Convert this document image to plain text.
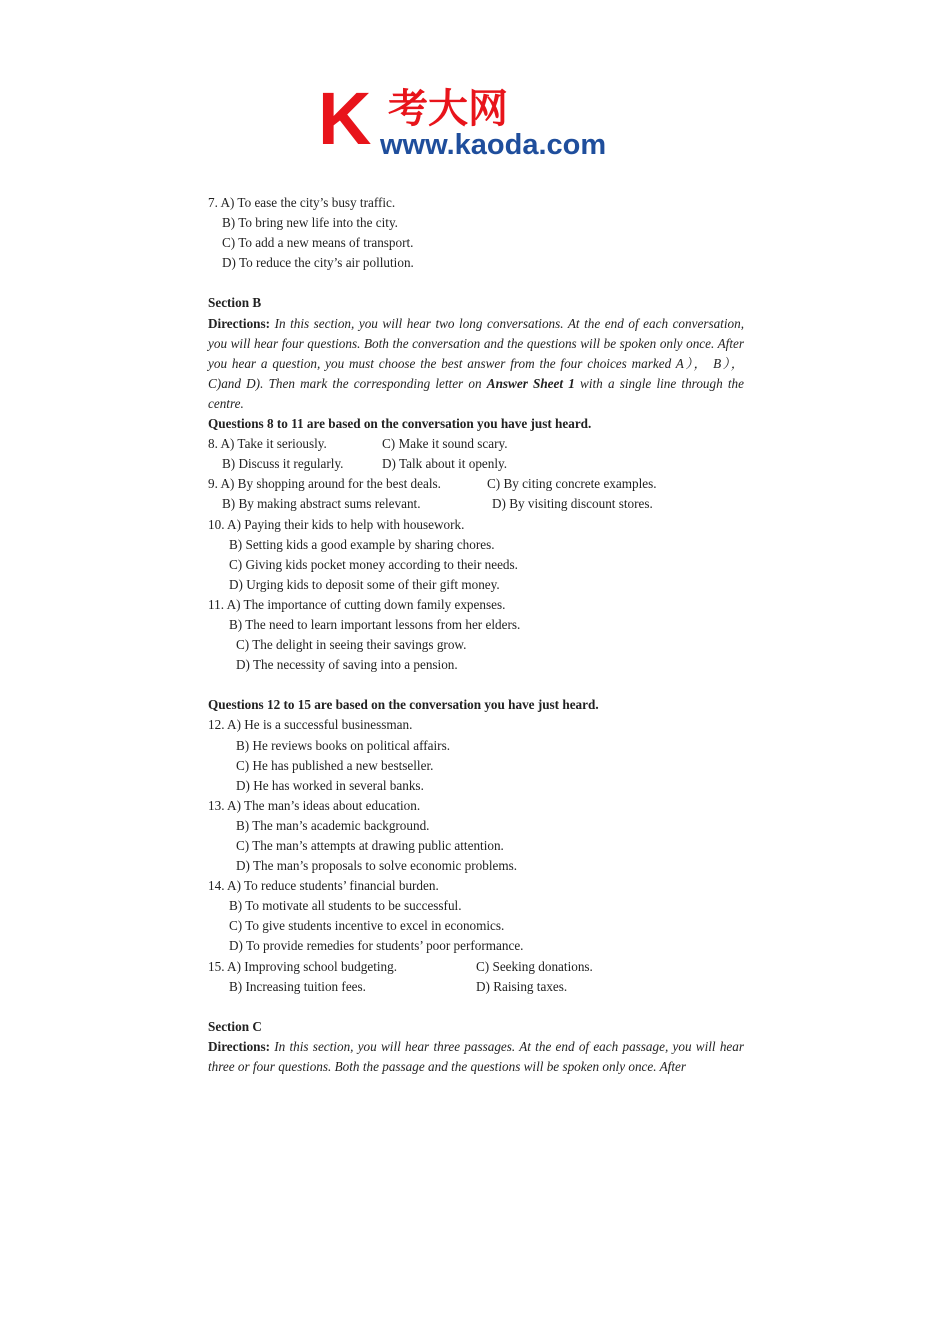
K 考大网
www.kaoda.com
7. A) To ease the city’s busy traffic.
B) To bring new life into the city.
C) To add a new means of transport.
D) To reduce the city’s air pollution.
Section B
Directions: In this section, you will hear two long conversations. At the end of each conversation, you will hear four questions. Both the conversation and the questions will be spoken only once. After you hear a question, you must choose the best answer from the four choices marked A）， B），C)and D). Then mark the corresponding letter on Answer Sheet 1 with a single line through the centre.
Questions 8 to 11 are based on the conversation you have just heard.
8. A) Take it seriously.	C) Make it sound scary.
B) Discuss it regularly.	D) Talk about it openly.
9. A) By shopping around for the best deals.	C) By citing concrete examples.
B) By making abstract sums relevant.	D) By visiting discount stores.
10. A) Paying their kids to help with housework.
B) Setting kids a good example by sharing chores.
C) Giving kids pocket money according to their needs.
D) Urging kids to deposit some of their gift money.
11. A) The importance of cutting down family expenses.
B) The need to learn important lessons from her elders.
C) The delight in seeing their savings grow.
D) The necessity of saving into a pension.
Questions 12 to 15 are based on the conversation you have just heard.
12. A) He is a successful businessman.
B) He reviews books on political affairs.
C) He has published a new bestseller.
D) He has worked in several banks.
13. A) The man’s ideas about education.
B) The man’s academic background.
C) The man’s attempts at drawing public attention.
D) The man’s proposals to solve economic problems.
14. A) To reduce students’ financial burden.
B) To motivate all students to be successful.
C) To give students incentive to excel in economics.
D) To provide remedies for students’ poor performance.
15. A) Improving school budgeting.	C) Seeking donations.
B) Increasing tuition fees.	D) Raising taxes.
Section C
Directions: In this section, you will hear three passages. At the end of each passage, you will hear three or four questions. Both the passage and the questions will be spoken only once. After
